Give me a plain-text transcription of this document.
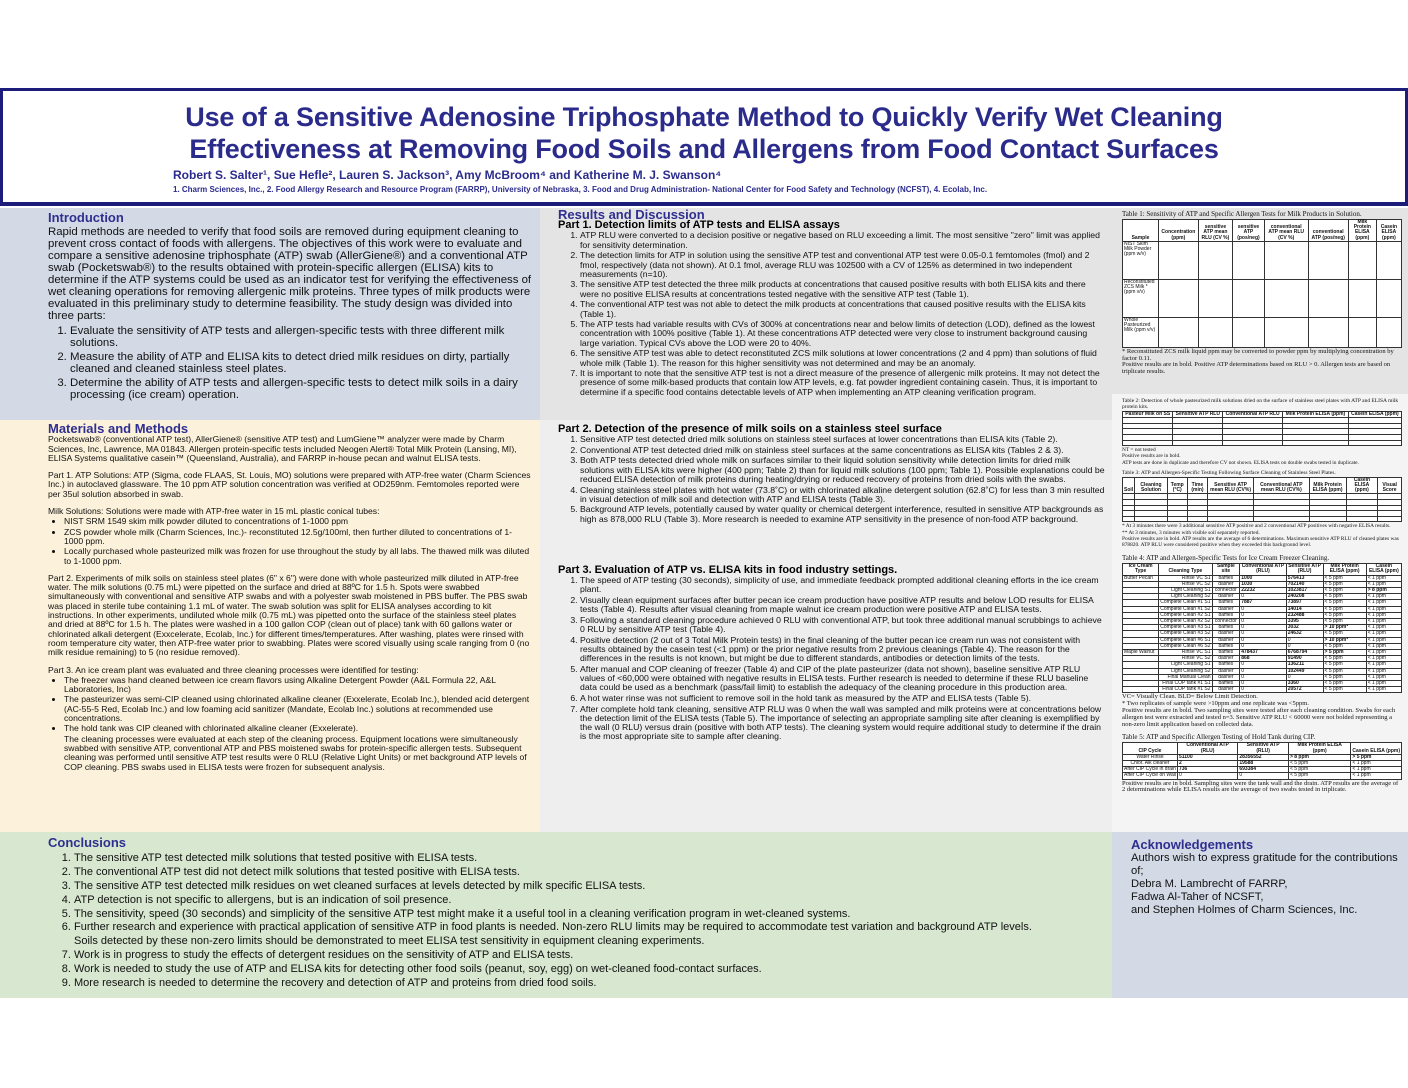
Use of a Sensitive Adenosine Triphosphate Method to Quickly Verify Wet Cleaning
Effectiveness at Removing Food Soils and Allergens from Food Contact Surfaces
Robert S. Salter¹, Sue Hefle², Lauren S. Jackson³, Amy McBroom⁴ and Katherine M. J. Swanson⁴
1. Charm Sciences, Inc., 2. Food Allergy Research and Resource Program (FARRP), University of Nebraska, 3. Food and Drug Administration- National Center for Food Safety and Technology (NCFST), 4. Ecolab, Inc.
Introduction

Rapid methods are needed to verify that food soils are removed during equipment cleaning to prevent cross contact of foods with allergens. The objectives of this work were to evaluate and compare a sensitive adenosine triphosphate (ATP) swab (AllerGiene®) and a conventional ATP swab (Pocketswab®) to the results obtained with protein-specific allergen (ELISA) kits to determine if the ATP systems could be used as an indicator test for verifying the effectiveness of wet cleaning operations for removing allergenic milk proteins. Three types of milk products were evaluated in this preliminary study to determine feasibility. The study design was divided into three parts:

1. Evaluate the sensitivity of ATP tests and allergen-specific tests with three different milk solutions.
2. Measure the ability of ATP and ELISA kits to detect dried milk residues on dirty, partially cleaned and cleaned stainless steel plates.
3. Determine the ability of ATP tests and allergen-specific tests to detect milk soils in a dairy processing (ice cream) operation.
Materials and Methods

Pocketswab® (conventional ATP test), AllerGiene® (sensitive ATP test) and LumGiene™ analyzer were made by Charm Sciences, Inc, Lawrence, MA 01843. Allergen protein-specific tests included Neogen Alert® Total Milk Protein (Lansing, MI), ELISA Systems qualitative casein™ (Queensland, Australia), and FARRP in-house pecan and walnut ELISA tests.

Part 1. ATP Solutions: ATP (Sigma, code FLAAS, St. Louis, MO) solutions were prepared with ATP-free water (Charm Sciences Inc.) in autoclaved glassware. The 10 ppm ATP solution concentration was verified at OD259nm. Femtomoles reported were per 35ul solution absorbed in swab.

Milk Solutions: Solutions were made with ATP-free water in 15 mL plastic conical tubes:

• NIST SRM 1549 skim milk powder diluted to concentrations of 1-1000 ppm
• ZCS powder whole milk (Charm Sciences, Inc.)- reconstituted 12.5g/100ml, then further diluted to concentrations of 1- 1000 ppm.
• Locally purchased whole pasteurized milk was frozen for use throughout the study by all labs. The thawed milk was diluted to 1-1000 ppm.

Part 2. Experiments of milk soils on stainless steel plates (6" x 6") were done with whole pasteurized milk diluted in ATP-free water. The milk solutions (0.75 mL) were pipetted on the surface and dried at 88ºC for 1.5 h. Spots were swabbed simultaneously with conventional and sensitive ATP swabs and with a polyester swab moistened in PBS buffer. The PBS swab was placed in sterile tube containing 1.1 mL of water. The swab solution was split for ELISA analyses according to kit instructions. In other experiments, undiluted whole milk (0.75 mL) was pipetted onto the surface of the stainless steel plates and dried at 88ºC for 1.5 h. The plates were washed in a 100 gallon COP (clean out of place) tank with 60 gallons water or chlorinated alkali detergent (Exxcelerate, Ecolab, Inc.) for different times/temperatures. After washing, plates were rinsed with room temperature city water, then ATP-free water prior to swabbing. Plates were scored visually using scale ranging from 0 (no milk residue remaining) to 5 (no residue removed).

Part 3. An ice cream plant was evaluated and three cleaning processes were identified for testing:

• The freezer was hand cleaned between ice cream flavors using Alkaline Detergent Powder (A&L Formula 22, A&L Laboratories, Inc)
• The pasteurizer was semi-CIP cleaned using chlorinated alkaline cleaner (Exxelerate, Ecolab Inc.), blended acid detergent (AC-55-5 Red, Ecolab Inc.) and low foaming acid sanitizer (Mandate, Ecolab Inc.) solutions at recommended use concentrations.
• The hold tank was CIP cleaned with chlorinated alkaline cleaner (Exxelerate).

The cleaning processes were evaluated at each step of the cleaning process. Equipment locations were simultaneously swabbed with sensitive ATP, conventional ATP and PBS moistened swabs for protein-specific allergen tests. Subsequent cleaning was performed until sensitive ATP test results were 0 RLU (Relative Light Units) or met background ATP levels of COP cleaning. PBS swabs used in ELISA tests were frozen for subsequent analysis.

Results and Discussion
Part 1. Detection limits of ATP tests and ELISA assays
1. ATP RLU were converted to a decision positive or negative based on RLU exceeding a limit. The most sensitive "zero" limit was applied for sensitivity determination.
2. The detection limits for ATP in solution using the sensitive ATP test and conventional ATP test were 0.05-0.1 femtomoles (fmol) and 2 fmol, respectively (data not shown). At 0.1 fmol, average RLU was 102500 with a CV of 125% as determined in two independent measurements (n=10).
3. The sensitive ATP test detected the three milk products at concentrations that caused positive results with both ELISA kits and there were no positive ELISA results at concentrations tested negative with the sensitive ATP test (Table 1).
4. The conventional ATP test was not able to detect the milk products at concentrations that caused positive results with the ELISA kits (Table 1).
5. The ATP tests had variable results with CVs of 300% at concentrations near and below limits of detection (LOD), defined as the lowest concentration with 100% positive (Table 1). At these concentrations ATP detected were very close to instrument background causing large variation. Typical CVs above the LOD were 20 to 40%.
6. The sensitive ATP test was able to detect reconstituted ZCS milk solutions at lower concentrations (2 and 4 ppm) than solutions of fluid whole milk (Table 1). The reason for this higher sensitivity was not determined and may be an anomaly.
7. It is important to note that the sensitive ATP test is not a direct measure of the presence of allergenic milk proteins. It may not detect the presence of some milk-based products that contain low ATP levels, e.g. fat powder ingredient containing casein. Thus, it is important to determine if a specific food contains detectable levels of ATP when implementing an ATP cleaning verification program.
Part 2. Detection of the presence of milk soils on a stainless steel surface
1. Sensitive ATP test detected dried milk solutions on stainless steel surfaces at lower concentrations than ELISA kits (Table 2).
2. Conventional ATP test detected dried milk on stainless steel surfaces at the same concentrations as ELISA kits (Tables 2 & 3).
3. Both ATP tests detected dried whole milk on surfaces similar to their liquid solution sensitivity while detection limits for dried milk solutions with ELISA kits were higher (400 ppm; Table 2) than for liquid milk solutions (100 ppm; Table 1). Possible explanations could be reduced ELISA detection of milk proteins during heating/drying or reduced recovery of proteins from dried soils with the swabs.
4. Cleaning stainless steel plates with hot water (73.8˚C) or with chlorinated alkaline detergent solution (62.8˚C) for less than 3 min resulted in visual detection of milk soil and detection with ATP and ELISA tests (Table 3).
5. Background ATP levels, potentially caused by water quality or chemical detergent interference, resulted in sensitive ATP backgrounds as high as 878,000 RLU (Table 3). More research is needed to examine ATP sensitivity in the presence of non-food ATP background.
Part 3. Evaluation of ATP vs. ELISA kits in food industry settings.
1. The speed of ATP testing (30 seconds), simplicity of use, and immediate feedback prompted additional cleaning efforts in the ice cream plant.
2. Visually clean equipment surfaces after butter pecan ice cream production have positive ATP results and below LOD results for ELISA tests (Table 4). Results after visual cleaning from maple walnut ice cream production were positive ATP and ELISA tests.
3. Following a standard cleaning procedure achieved 0 RLU with conventional ATP, but took three additional manual scrubbings to achieve 0 RLU by sensitive ATP test (Table 4).
4. Positive detection (2 out of 3 Total Milk Protein tests) in the final cleaning of the butter pecan ice cream run was not consistent with results obtained by the casein test (<1 ppm) or the prior negative results from 2 previous cleanings (Table 4). The reason for the differences in the results is not known, but might be due to different standards, antibodies or detection limits of the tests.
5. After manual and COP cleaning of freezer (Table 4) and CIP of the plate pasteurizer (data not shown), baseline sensitive ATP RLU values of <60,000 were obtained with negative results in ELISA tests. Further research is needed to determine if these RLU baseline data could be used as a benchmark (pass/fail limit) to establish the adequacy of the cleaning procedure in this production area.
6. A hot water rinse was not sufficient to remove soil in the hold tank as measured by the ATP and ELISA tests (Table 5).
7. After complete hold tank cleaning, sensitive ATP RLU was 0 when the wall was sampled and milk proteins were at concentrations below the detection limit of the ELISA tests (Table 5). The importance of selecting an appropriate sampling site after cleaning is exemplified by the wall (0 RLU) versus drain (positive with both ATP tests). The cleaning system would require additional study to determine if the drain is the most appropriate site to sample after cleaning.
Table 1: Sensitivity of ATP and Specific Allergen Tests for Milk Products in Solution.
Sample	Concentration (ppm)	sensitive ATP mean RLU (CV %)	sensitive ATP (pos/neg)	conventional ATP mean RLU (CV %)	conventional ATP (pos/neg)	Milk Protein ELISA (ppm)	Casein ELISA (ppm)
NIST Skim Milk Powder (ppm w/v)							
Reconstituted ZCS Milk * (ppm v/v)							
Whole Pasteurized Milk (ppm v/v)							
* Reconstituted ZCS milk liquid ppm may be converted to powder ppm by multiplying concentration by factor 0.11.
Positive results are in bold. Positive ATP determinations based on RLU > 0. Allergen tests are based on triplicate results.
Table 2: Detection of whole pasteurized milk solutions dried on the surface of stainless steel plates with ATP and ELISA milk protein kits.
Pasteur Milk on SS	Sensitive ATP RLU	Conventional ATP RLU	Milk Protein ELISA (ppm)	Casein ELISA (ppm)

NT = not tested
Positive results are in bold.
ATP tests are done in duplicate and therefore CV not shown. ELISA tests on double swabs tested in duplicate.
Table 3: ATP and Allergen-Specific Testing Following Surface Cleaning of Stainless Steel Plates.
Soil	Cleaning Solution	Temp (°C)	Time (min)	Sensitive ATP mean RLU (CV%)	Conventional ATP mean RLU (CV%)	Milk Protein ELISA (ppm)	Casein ELISA (ppm)	Visual Score

* At 3 minutes there were 3 additional sensitive ATP positive and 2 conventional ATP positives with negative ELISA results.
** At 3 minutes, 3 minutes with visible soil separately reported.
Positive results are in bold. ATP results are the average of 6 determinations. Maximum sensitive ATP RLU of cleaned plates was 878820. ATP RLU were considered positive when they exceeded this background level.
Table 4: ATP and Allergen-Specific Tests for Ice Cream Freezer Cleaning.
Ice Cream Type	Cleaning Type	Sample site	Conventional ATP (RLU)	Sensitive ATP (RLU)	Milk Protein ELISA (ppm)	Casein ELISA (ppm)
Butter Pecan	Rinse VC S1	baffles	1000	576413	< 5 ppm	< 1 ppm
	Rinse VC S2	dasher	1030	702140	< 5 ppm	< 1 ppm
	Light Cleaning S1	connector	22232	1023817	< 5 ppm	> 8 ppm
	Light Cleaning S2	dasher	0	240208	< 5 ppm	< 1 ppm
	Complete Clean #1 S1	baffles	7887	73897	< 5 ppm	< 1 ppm
	Complete Clean #1 S2	dasher	0	14014	< 5 ppm	< 1 ppm
	Complete Clean #2 S1	baffles	0	232488	< 5 ppm	< 1 ppm
	Complete Clean #2 S2	connector	0	3395	< 5 ppm	< 1 ppm
	Complete Clean #3 S1	baffles	0	3032	> 10 ppm*	< 1 ppm
	Complete Clean #3 S2	dasher	0	24632	< 5 ppm	< 1 ppm
	Complete Clean #6 S1	dasher	0	0	> 10 ppm*	< 1 ppm
	Complete Clean #6 S2	baffles	0	0	< 5 ppm	< 1 ppm
Maple Walnut	Rinse VC S1	baffles	478437	6768794	> 5 ppm	< 1 ppm
	Rinse VC S2	dasher	868	91490	< 5 ppm	< 1 ppm
	Light Cleaning S1	baffles	0	136211	< 5 ppm	< 1 ppm
	Light Cleaning S2	dasher	0	102449	< 5 ppm	< 1 ppm
	Final Manual Clean	dasher	0	0	< 5 ppm	< 1 ppm
	Final COP tank #1 S1	baffles	0	3360	< 5 ppm	< 1 ppm
	Final COP tank #1 S2	dasher	0	20572	< 5 ppm	< 1 ppm
VC= Visually Clean. BLD= Below Limit Detection.
* Two replicates of sample were >10ppm and one replicate was <5ppm.
Positive results are in bold. Two sampling sites were tested after each cleaning condition. Swabs for each allergen test were extracted and tested n=3. Sensitive ATP RLU < 60000 were not bolded representing a non-zero limit application based on collected data.
Table 5: ATP and Specific Allergen Testing of Hold Tank during CIP.
CIP Cycle	Conventional ATP (RLU)	Sensitive ATP (RLU)	Milk Protein ELISA (ppm)	Casein ELISA (ppm)
Water Rinse	51100	28356552	> 8 ppm	> 5 ppm
Chlor. Alk cleaner	2	19588	< 5 ppm	< 1 ppm
After CIP Cycle in drain	736	693384	< 5 ppm	< 1 ppm
After CIP Cycle on Wall	0	0	< 5 ppm	< 1 ppm
Positive results are in bold. Sampling sites were the tank wall and the drain. ATP results are the average of 2 determinations while ELISA results are the average of two swabs tested in triplicate.
Conclusions
1. The sensitive ATP test detected milk solutions that tested positive with ELISA tests.
2. The conventional ATP test did not detect milk solutions that tested positive with ELISA tests.
3. The sensitive ATP test detected milk residues on wet cleaned surfaces at levels detected by milk specific ELISA tests.
4. ATP detection is not specific to allergens, but is an indication of soil presence.
5. The sensitivity, speed (30 seconds) and simplicity of the sensitive ATP test might make it a useful tool in a cleaning verification program in wet-cleaned systems.
6. Further research and experience with practical application of sensitive ATP in food plants is needed. Non-zero RLU limits may be required to accommodate test variation and background ATP levels.
Soils detected by these non-zero limits should be demonstrated to meet ELISA test sensitivity in equipment cleaning experiments.
7. Work is in progress to study the effects of detergent residues on the sensitivity of ATP and ELISA tests.
8. Work is needed to study the use of ATP and ELISA kits for detecting other food soils (peanut, soy, egg) on wet-cleaned food-contact surfaces.
9. More research is needed to determine the recovery and detection of ATP and proteins from dried food soils.
Acknowledgements
Authors wish to express gratitude for the contributions of;
Debra M. Lambrecht of FARRP,
Fadwa Al-Taher of NCSFT,
and Stephen Holmes of Charm Sciences, Inc.
